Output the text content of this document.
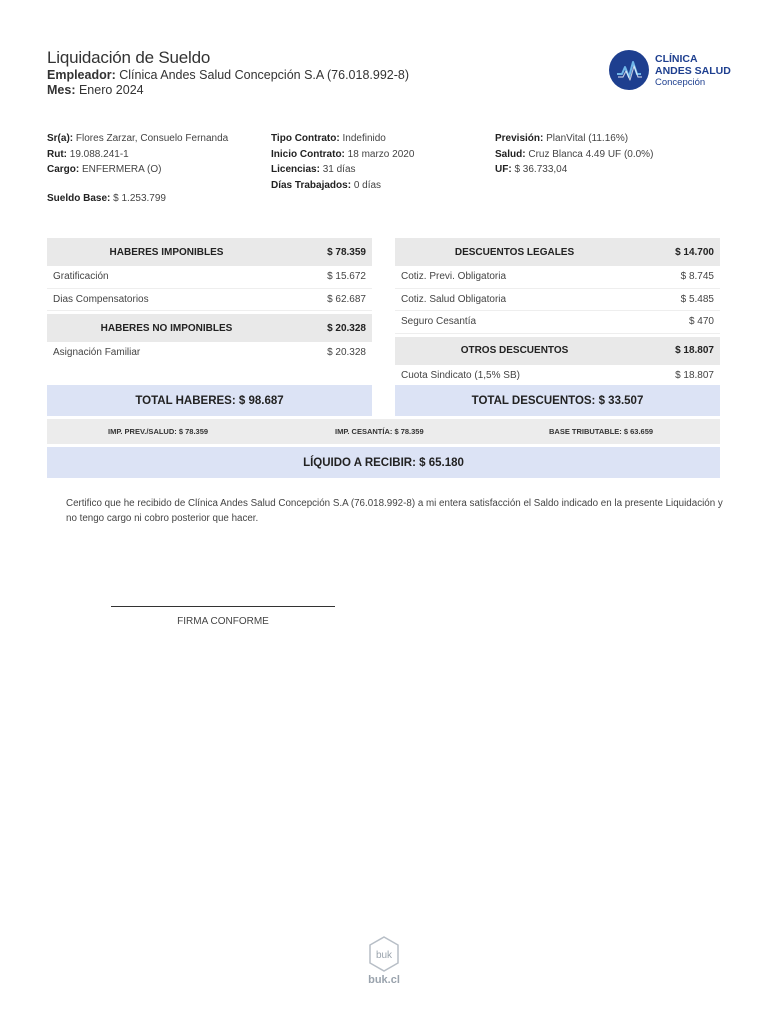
Liquidación de Sueldo
Empleador: Clínica Andes Salud Concepción S.A (76.018.992-8)
Mes: Enero 2024
CLÍNICA
ANDES SALUD
Concepción
Sr(a): Flores Zarzar, Consuelo Fernanda
Rut: 19.088.241-1
Cargo: ENFERMERA (O)
Sueldo Base: $ 1.253.799
Tipo Contrato: Indefinido
Inicio Contrato: 18 marzo 2020
Licencias: 31 días
Días Trabajados: 0 días
Previsión: PlanVital (11.16%)
Salud: Cruz Blanca 4.49 UF (0.0%)
UF: $ 36.733,04
HABERES IMPONIBLES	$ 78.359
Gratificación	$ 15.672
Dias Compensatorios	$ 62.687
HABERES NO IMPONIBLES	$ 20.328
Asignación Familiar	$ 20.328
DESCUENTOS LEGALES	$ 14.700
Cotiz. Previ. Obligatoria	$ 8.745
Cotiz. Salud Obligatoria	$ 5.485
Seguro Cesantía	$ 470
OTROS DESCUENTOS	$ 18.807
Cuota Sindicato (1,5% SB)	$ 18.807
TOTAL HABERES: $ 98.687	TOTAL DESCUENTOS: $ 33.507
IMP. PREV./SALUD: $ 78.359	IMP. CESANTÍA: $ 78.359	BASE TRIBUTABLE: $ 63.659
LÍQUIDO A RECIBIR: $ 65.180
Certifico que he recibido de Clínica Andes Salud Concepción S.A (76.018.992-8) a mi entera satisfacción el Saldo indicado en la presente Liquidación y no tengo cargo ni cobro posterior que hacer.
FIRMA CONFORME
buk
buk.cl
